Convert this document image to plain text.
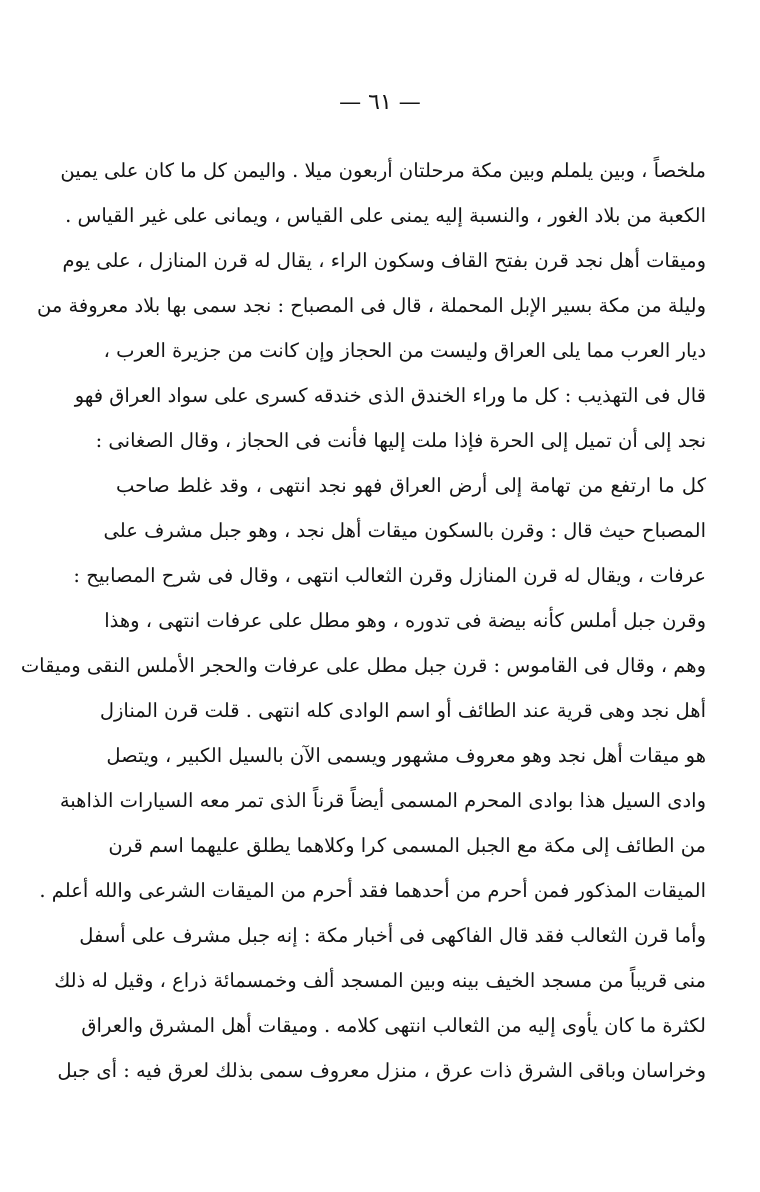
— ٦١ —
ملخصاً ، وبين يلملم وبين مكة مرحلتان أربعون ميلا . واليمن كل ما كان على يمين
الكعبة من بلاد الغور ، والنسبة إليه يمنى على القياس ، ويمانى على غير القياس .
وميقات أهل نجد قرن بفتح القاف وسكون الراء ، يقال له قرن المنازل ، على يوم
وليلة من مكة بسير الإبل المحملة ، قال فى المصباح : نجد سمى بها بلاد معروفة من
ديار العرب مما يلى العراق وليست من الحجاز وإن كانت من جزيرة العرب ،
قال فى التهذيب : كل ما وراء الخندق الذى خندقه كسرى على سواد العراق فهو
نجد إلى أن تميل إلى الحرة فإذا ملت إليها فأنت فى الحجاز ، وقال الصغانى :
كل ما ارتفع من تهامة إلى أرض العراق فهو نجد انتهى ، وقد غلط صاحب
المصباح حيث قال : وقرن بالسكون ميقات أهل نجد ، وهو جبل مشرف على
عرفات ، ويقال له قرن المنازل وقرن الثعالب انتهى ، وقال فى شرح المصابيح :
وقرن جبل أملس كأنه بيضة فى تدوره ، وهو مطل على عرفات انتهى ، وهذا
وهم ، وقال فى القاموس : قرن جبل مطل على عرفات والحجر الأملس النقى وميقات
أهل نجد وهى قرية عند الطائف أو اسم الوادى كله انتهى . قلت قرن المنازل
هو ميقات أهل نجد وهو معروف مشهور ويسمى الآن بالسيل الكبير ، ويتصل
وادى السيل هذا بوادى المحرم المسمى أيضاً قرناً الذى تمر معه السيارات الذاهبة
من الطائف إلى مكة مع الجبل المسمى كرا وكلاهما يطلق عليهما اسم قرن
الميقات المذكور فمن أحرم من أحدهما فقد أحرم من الميقات الشرعى والله أعلم .
وأما قرن الثعالب فقد قال الفاكهى فى أخبار مكة : إنه جبل مشرف على أسفل
منى قريباً من مسجد الخيف بينه وبين المسجد ألف وخمسمائة ذراع ، وقيل له ذلك
لكثرة ما كان يأوى إليه من الثعالب انتهى كلامه . وميقات أهل المشرق والعراق
وخراسان وباقى الشرق ذات عرق ، منزل معروف سمى بذلك لعرق فيه : أى جبل
